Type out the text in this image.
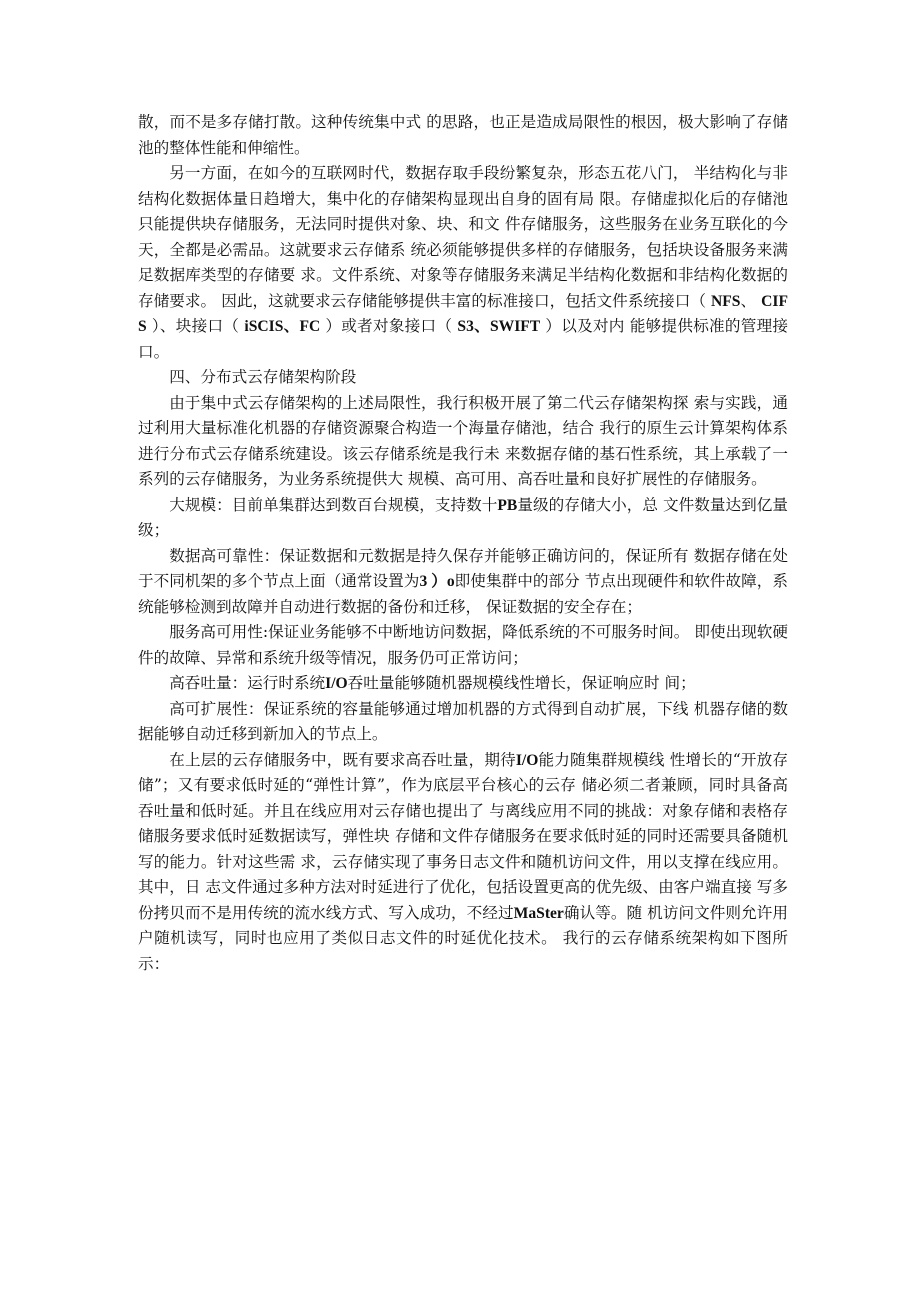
散，而不是多存储打散。这种传统集中式 的思路，也正是造成局限性的根因，极大影响了存储池的整体性能和伸缩性。

另一方面，在如今的互联网时代，数据存取手段纷繁复杂，形态五花八门， 半结构化与非结构化数据体量日趋增大，集中化的存储架构显现出自身的固有局 限。存储虚拟化后的存储池只能提供块存储服务，无法同时提供对象、块、和文 件存储服务，这些服务在业务互联化的今天，全都是必需品。这就要求云存储系 统必须能够提供多样的存储服务，包括块设备服务来满足数据库类型的存储要 求。文件系统、对象等存储服务来满足半结构化数据和非结构化数据的存储要求。 因此，这就要求云存储能够提供丰富的标准接口，包括文件系统接口（ NFS、 CIFS ）、块接口（ iSCIS、FC ）或者对象接口（ S3、SWIFT ）以及对内 能够提供标准的管理接口。

四、分布式云存储架构阶段

由于集中式云存储架构的上述局限性，我行积极开展了第二代云存储架构探 索与实践，通过利用大量标准化机器的存储资源聚合构造一个海量存储池，结合 我行的原生云计算架构体系进行分布式云存储系统建设。该云存储系统是我行未 来数据存储的基石性系统，其上承载了一系列的云存储服务，为业务系统提供大 规模、高可用、高吞吐量和良好扩展性的存储服务。

大规模：目前单集群达到数百台规模，支持数十PB量级的存储大小，总 文件数量达到亿量级；

数据高可靠性：保证数据和元数据是持久保存并能够正确访问的，保证所有 数据存储在处于不同机架的多个节点上面（通常设置为3 ）o即使集群中的部分 节点出现硬件和软件故障，系统能够检测到故障并自动进行数据的备份和迁移， 保证数据的安全存在；

服务高可用性:保证业务能够不中断地访问数据，降低系统的不可服务时间。 即使出现软硬件的故障、异常和系统升级等情况，服务仍可正常访问；

高吞吐量：运行时系统I/O吞吐量能够随机器规模线性增长，保证响应时 间；

高可扩展性：保证系统的容量能够通过增加机器的方式得到自动扩展，下线 机器存储的数据能够自动迁移到新加入的节点上。

在上层的云存储服务中，既有要求高吞吐量，期待I/O能力随集群规模线 性增长的“开放存储”；又有要求低时延的“弹性计算”，作为底层平台核心的云存 储必须二者兼顾，同时具备高吞吐量和低时延。并且在线应用对云存储也提出了 与离线应用不同的挑战：对象存储和表格存储服务要求低时延数据读写，弹性块 存储和文件存储服务在要求低时延的同时还需要具备随机写的能力。针对这些需 求，云存储实现了事务日志文件和随机访问文件，用以支撑在线应用。其中，日 志文件通过多种方法对时延进行了优化，包括设置更高的优先级、由客户端直接 写多份拷贝而不是用传统的流水线方式、写入成功，不经过MaSter确认等。随 机访问文件则允许用户随机读写，同时也应用了类似日志文件的时延优化技术。 我行的云存储系统架构如下图所示：
